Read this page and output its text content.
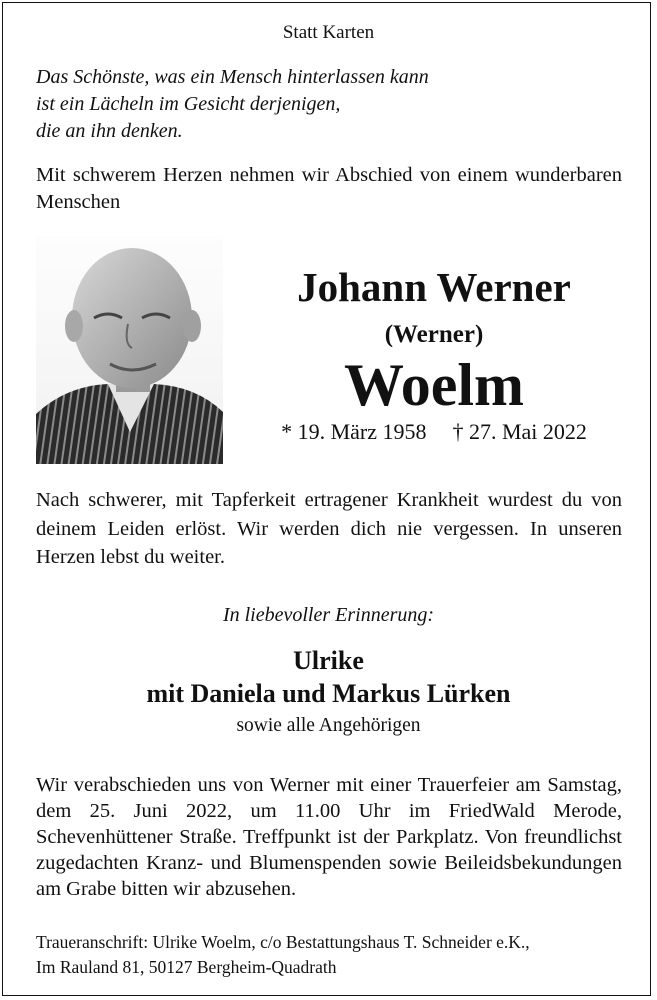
Statt Karten
Das Schönste, was ein Mensch hinterlassen kann
ist ein Lächeln im Gesicht derjenigen,
die an ihn denken.
Mit schwerem Herzen nehmen wir Abschied von einem wunderbaren Menschen
Johann Werner
(Werner)
Woelm
* 19. März 1958 † 27. Mai 2022
Nach schwerer, mit Tapferkeit ertragener Krankheit wurdest du von deinem Leiden erlöst. Wir werden dich nie vergessen. In unseren Herzen lebst du weiter.
In liebevoller Erinnerung:
Ulrike
mit Daniela und Markus Lürken
sowie alle Angehörigen
Wir verabschieden uns von Werner mit einer Trauerfeier am Samstag, dem 25. Juni 2022, um 11.00 Uhr im FriedWald Merode, Schevenhüttener Straße. Treffpunkt ist der Parkplatz. Von freundlichst zugedachten Kranz- und Blumenspenden sowie Beileidsbekundungen am Grabe bitten wir abzusehen.
Traueranschrift: Ulrike Woelm, c/o Bestattungshaus T. Schneider e.K.,
Im Rauland 81, 50127 Bergheim-Quadrath
